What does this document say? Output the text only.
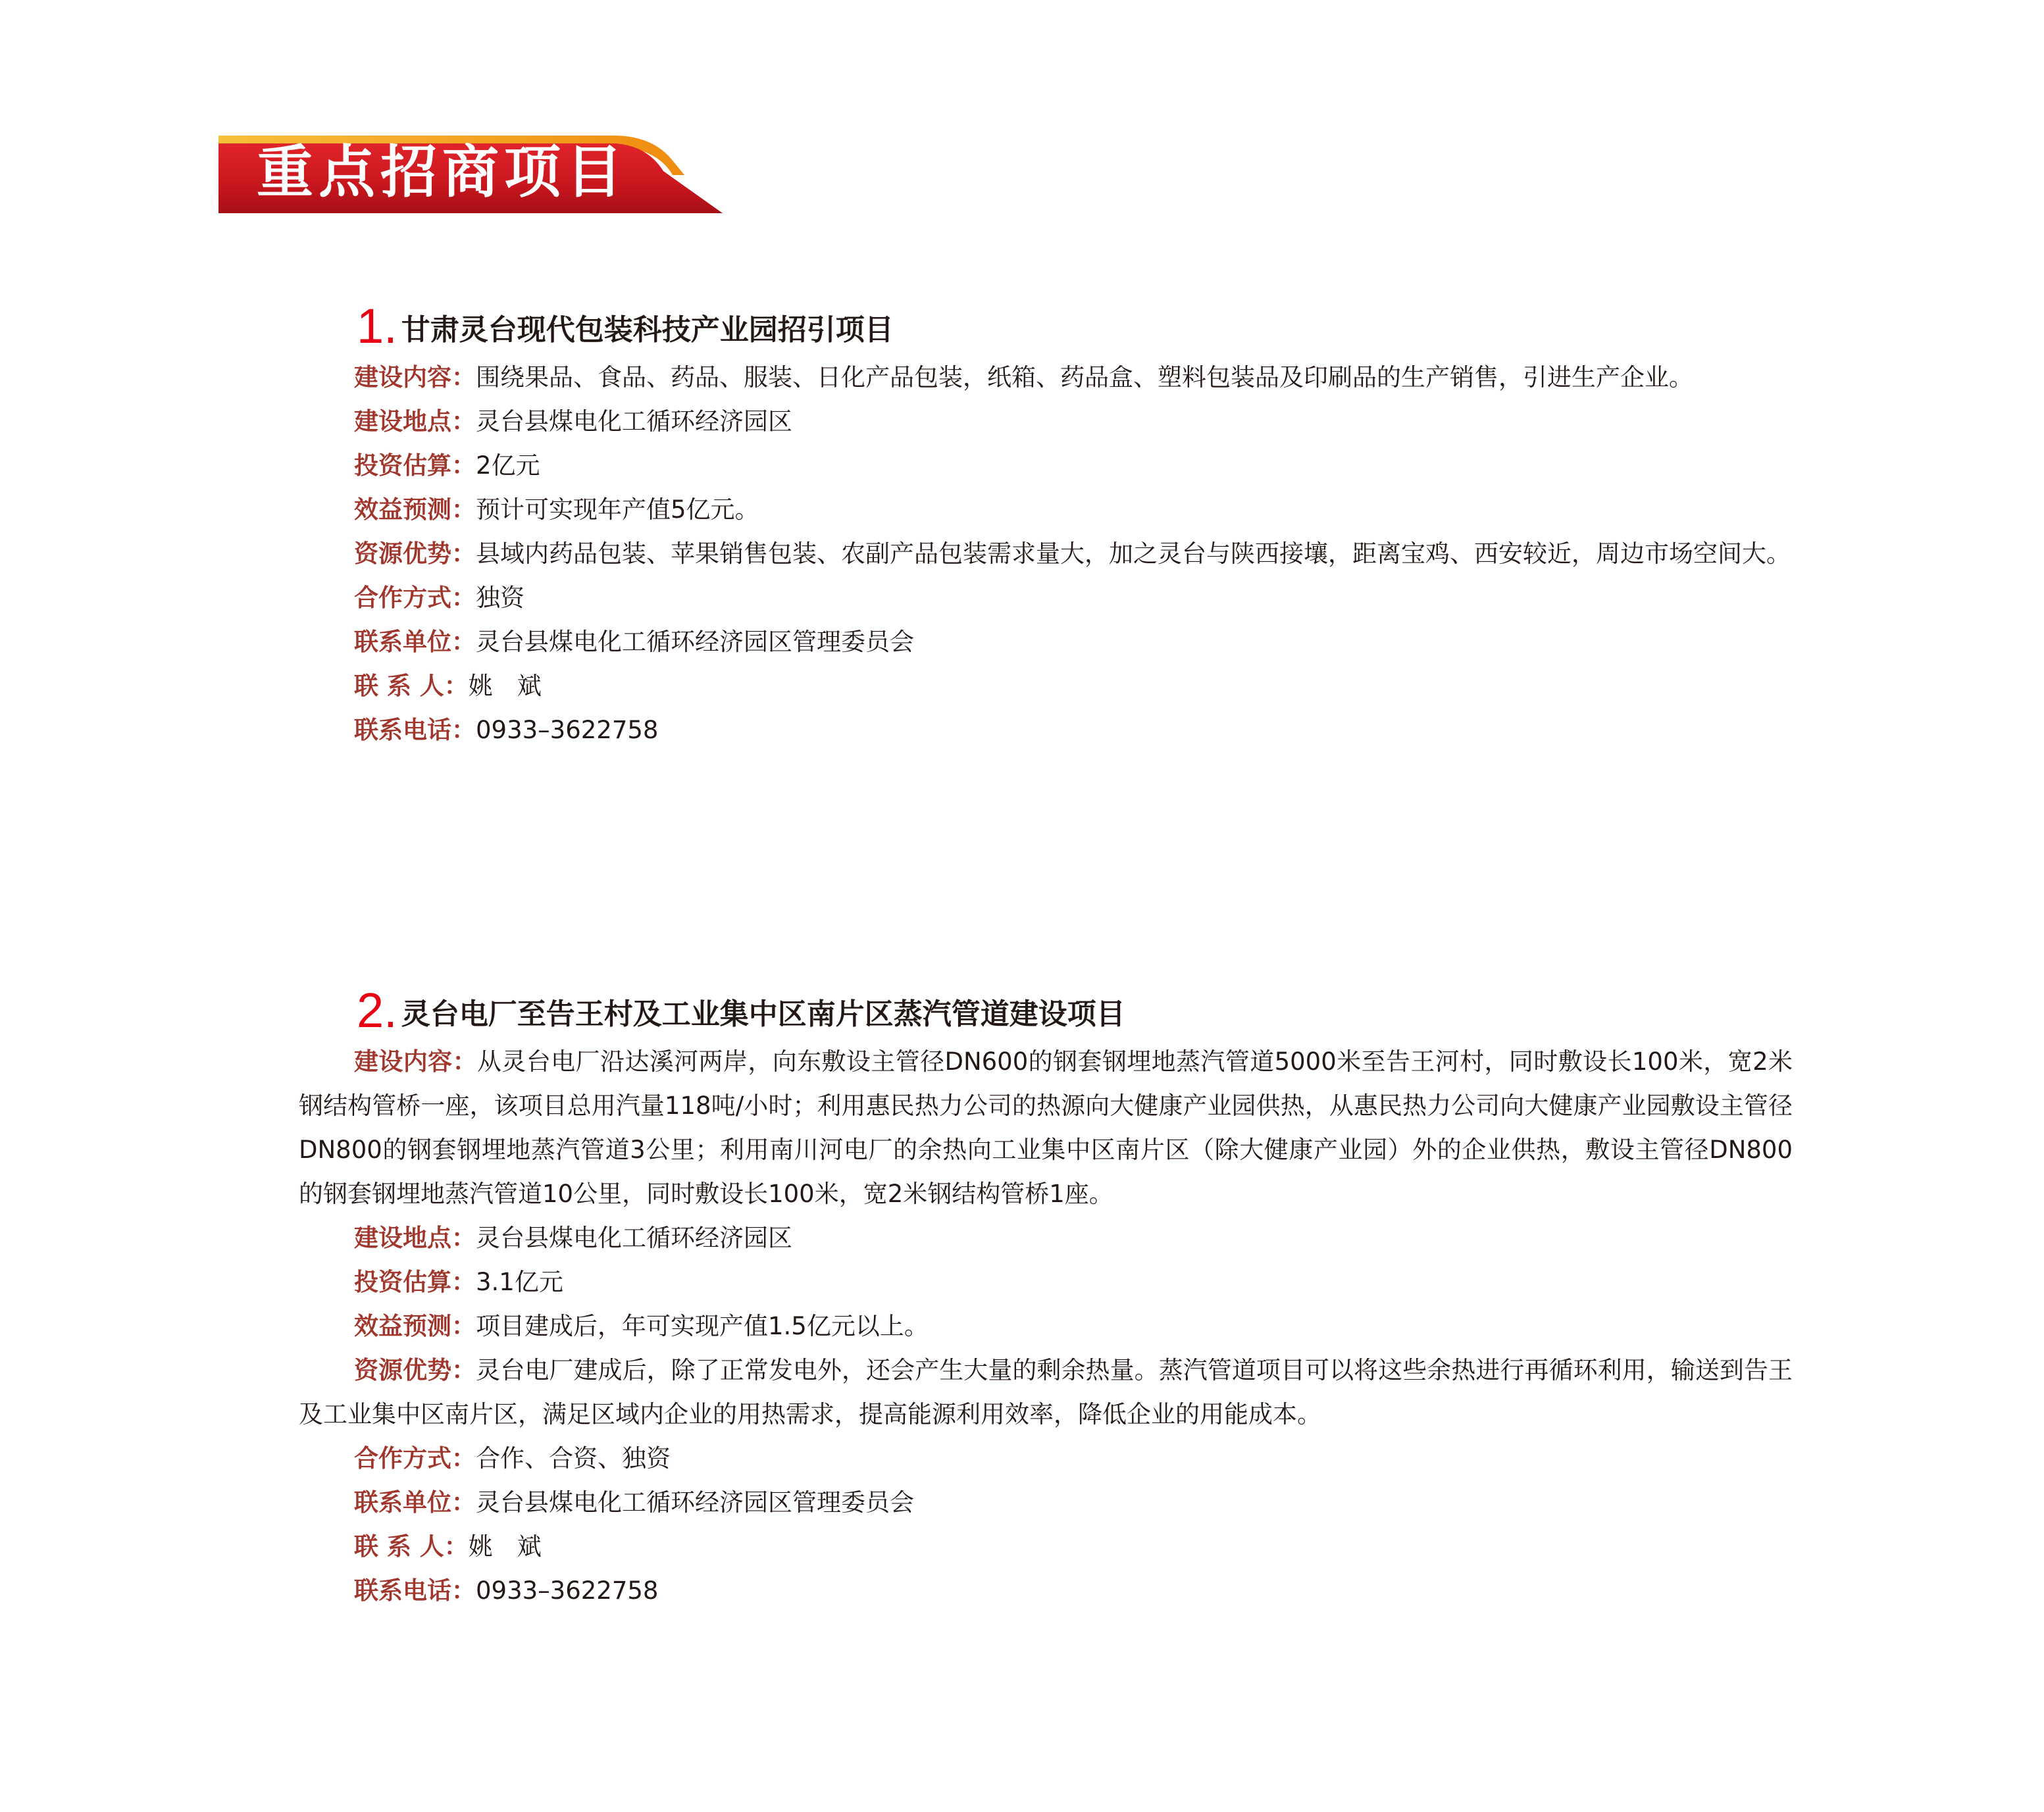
重点招商项目
1. 甘肃灵台现代包装科技产业园招引项目

建设内容：围绕果品、食品、药品、服装、日化产品包装，纸箱、药品盒、塑料包装品及印刷品的生产销售，引进生产企业。

建设地点：灵台县煤电化工循环经济园区

投资估算：2亿元

效益预测：预计可实现年产值5亿元。

资源优势：县域内药品包装、苹果销售包装、农副产品包装需求量大，加之灵台与陕西接壤，距离宝鸡、西安较近，周边市场空间大。

合作方式：独资

联系单位：灵台县煤电化工循环经济园区管理委员会

联 系 人：姚　斌

联系电话：0933–3622758

2. 灵台电厂至告王村及工业集中区南片区蒸汽管道建设项目

建设内容：从灵台电厂沿达溪河两岸，向东敷设主管径DN600的钢套钢埋地蒸汽管道5000米至告王河村，同时敷设长100米，宽2米钢结构管桥一座，该项目总用汽量118吨/小时；利用惠民热力公司的热源向大健康产业园供热，从惠民热力公司向大健康产业园敷设主管径DN800的钢套钢埋地蒸汽管道3公里；利用南川河电厂的余热向工业集中区南片区（除大健康产业园）外的企业供热，敷设主管径DN800的钢套钢埋地蒸汽管道10公里，同时敷设长100米，宽2米钢结构管桥1座。

建设地点：灵台县煤电化工循环经济园区

投资估算：3.1亿元

效益预测：项目建成后，年可实现产值1.5亿元以上。

资源优势：灵台电厂建成后，除了正常发电外，还会产生大量的剩余热量。蒸汽管道项目可以将这些余热进行再循环利用，输送到告王及工业集中区南片区，满足区域内企业的用热需求，提高能源利用效率，降低企业的用能成本。

合作方式：合作、合资、独资

联系单位：灵台县煤电化工循环经济园区管理委员会

联 系 人：姚　斌

联系电话：0933–3622758
